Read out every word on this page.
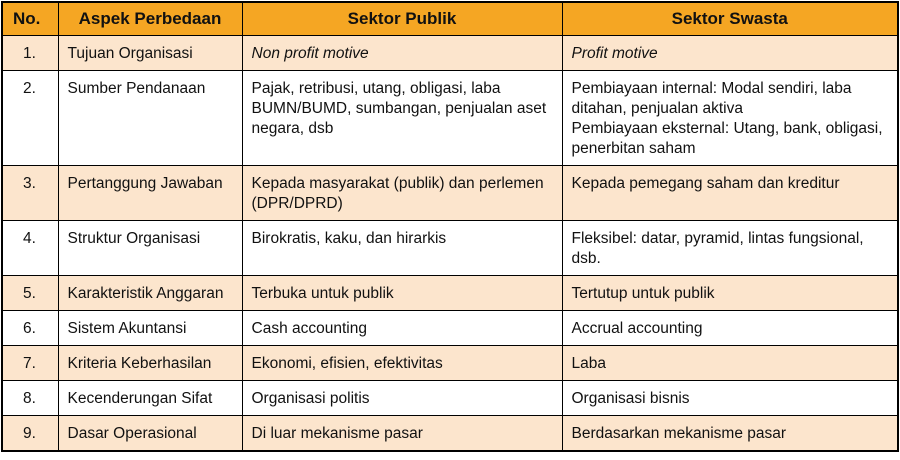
No.	Aspek Perbedaan	Sektor Publik	Sektor Swasta
1.	Tujuan Organisasi	Non profit motive	Profit motive

2.	Sumber Pendanaan	Pajak, retribusi, utang, obligasi, laba BUMN/BUMD, sumbangan, penjualan aset negara, dsb	Pembiayaan internal: Modal sendiri, laba ditahan, penjualan aktiva
Pembiayaan eksternal: Utang, bank, obligasi, penerbitan saham

3.	Pertanggung Jawaban	Kepada masyarakat (publik) dan perlemen (DPR/DPRD)	Kepada pemegang saham dan kreditur

4.	Struktur Organisasi	Birokratis, kaku, dan hirarkis	Fleksibel: datar, pyramid, lintas fungsional, dsb.

5.	Karakteristik Anggaran	Terbuka untuk publik	Tertutup untuk publik

6.	Sistem Akuntansi	Cash accounting	Accrual accounting

7.	Kriteria Keberhasilan	Ekonomi, efisien, efektivitas	Laba

8.	Kecenderungan Sifat	Organisasi politis	Organisasi bisnis

9.	Dasar Operasional	Di luar mekanisme pasar	Berdasarkan mekanisme pasar
